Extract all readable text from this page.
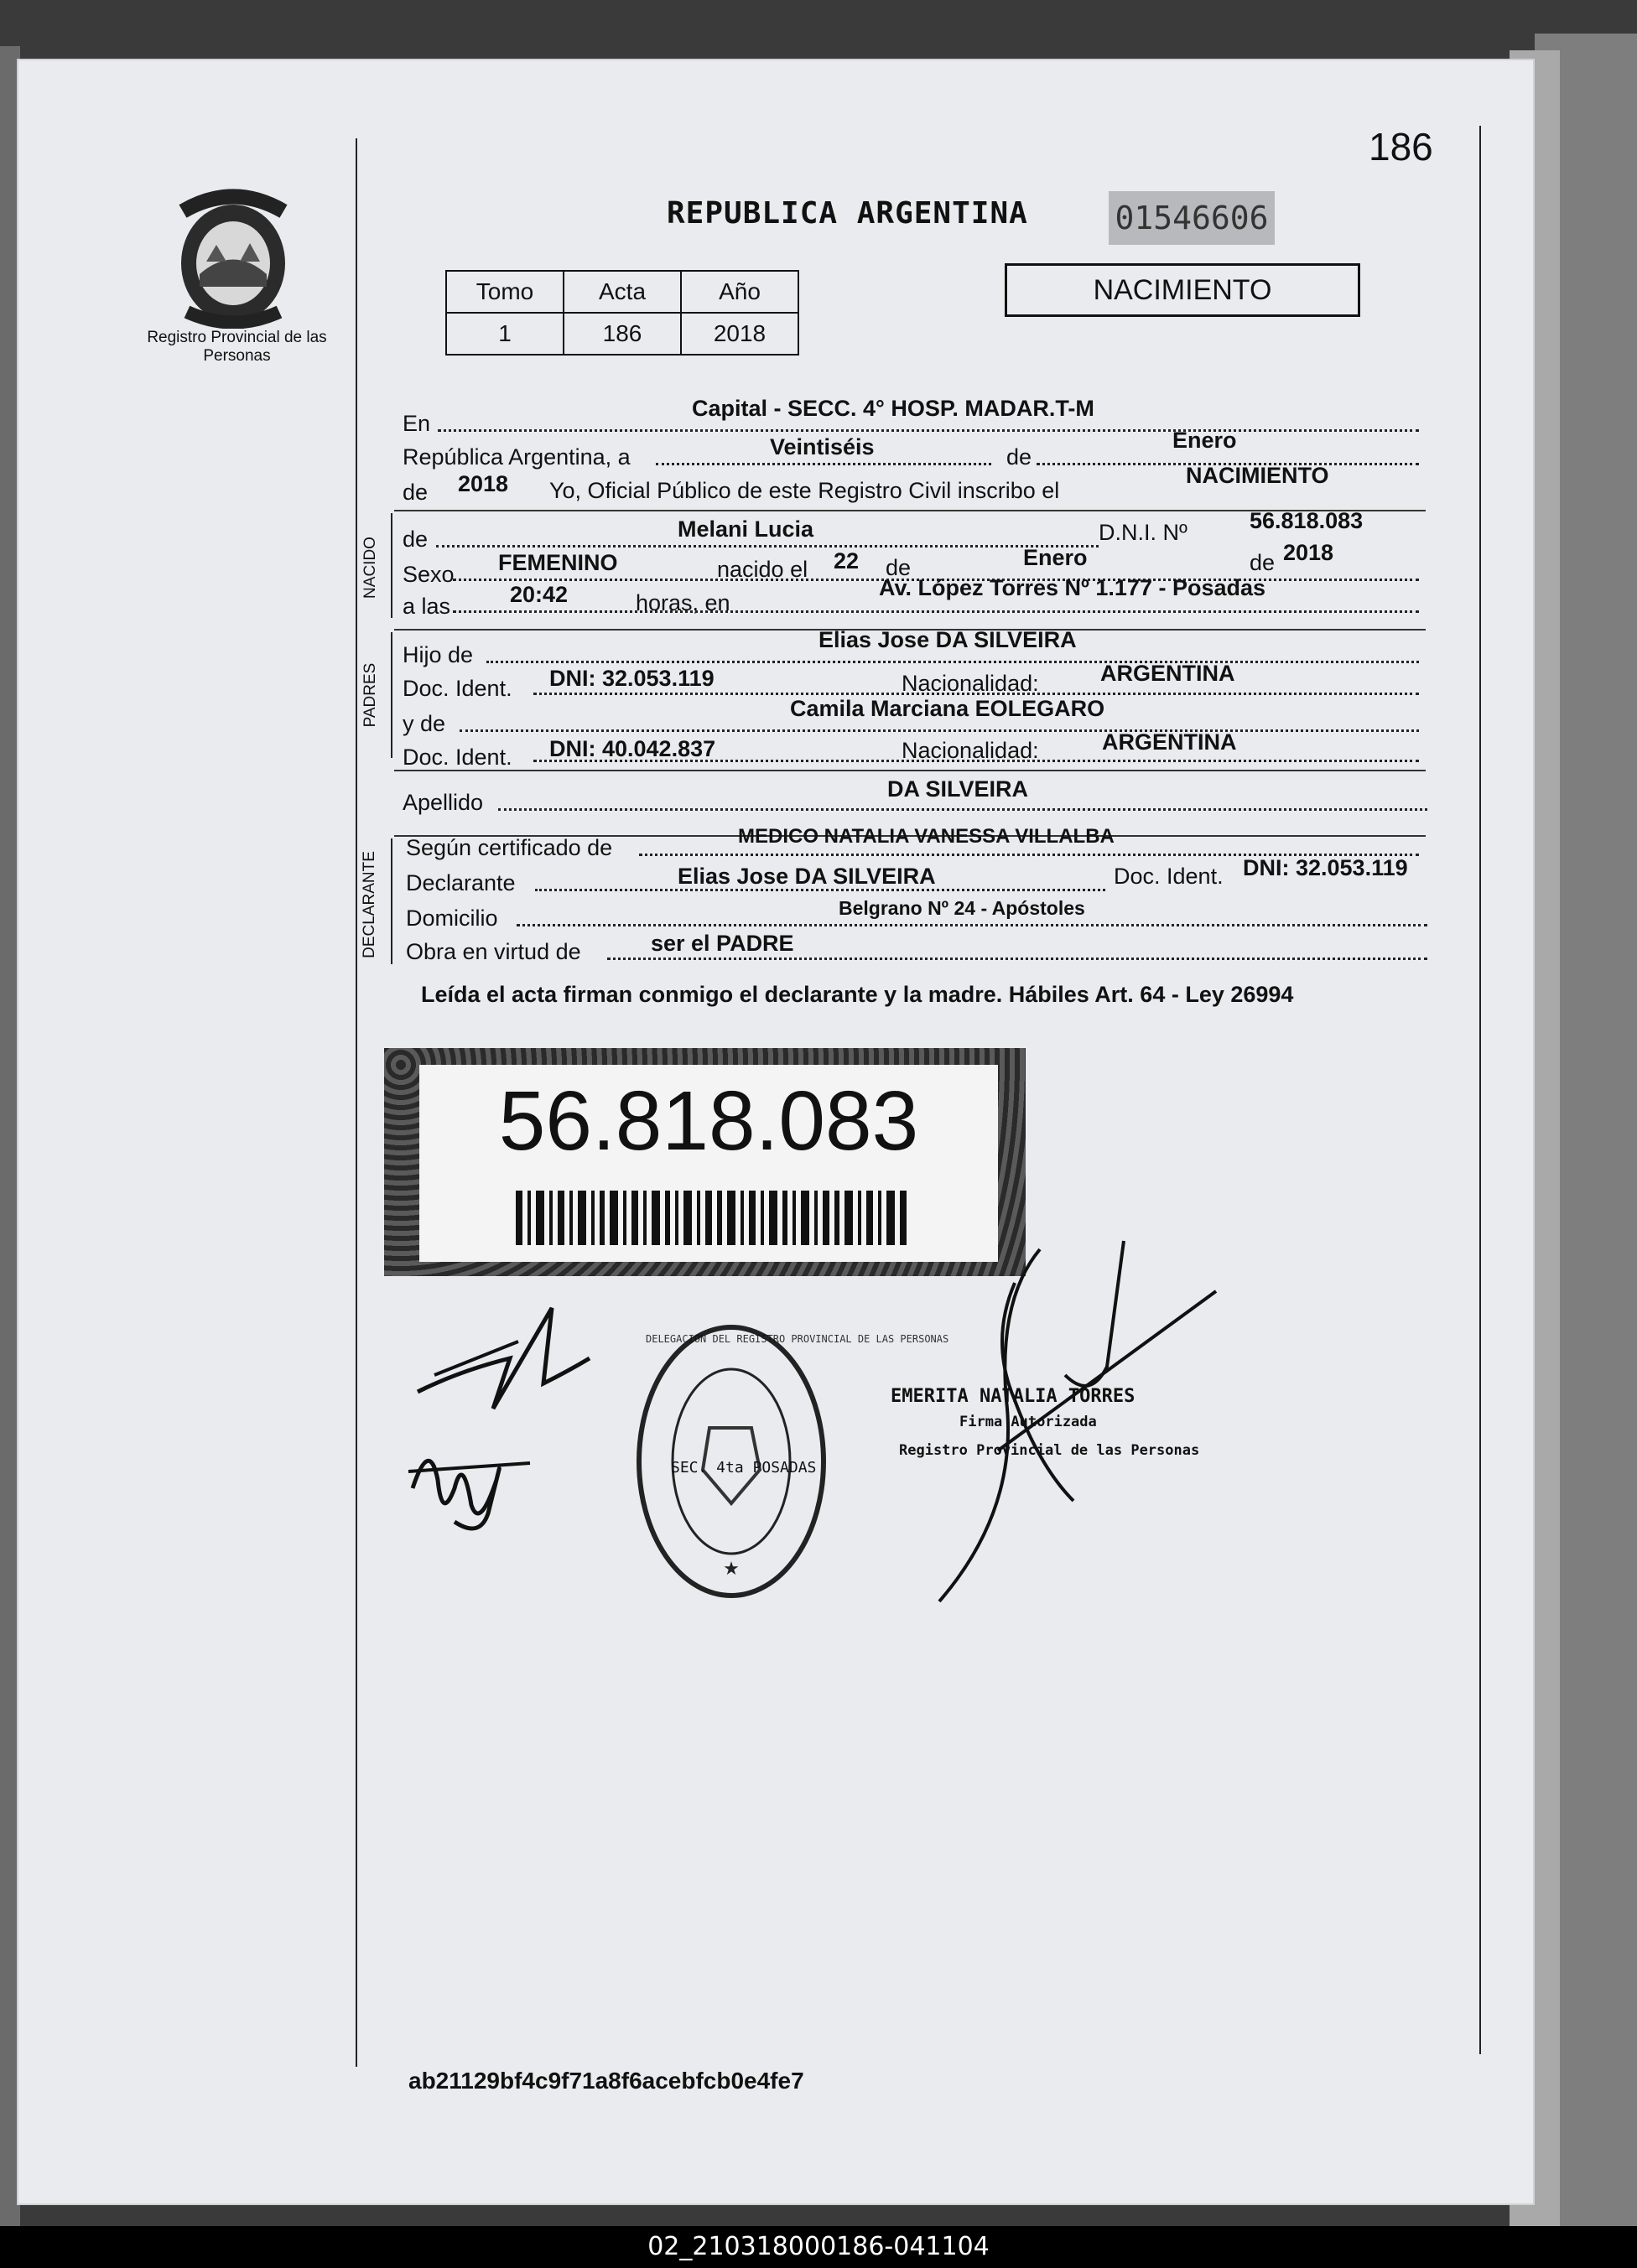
186
Registro Provincial de las Personas
REPUBLICA ARGENTINA	01546606
Tomo	Acta	Año
1	186	2018
NACIMIENTO
En
Capital - SECC. 4° HOSP. MADAR.T-M
República Argentina, a	Veintiséis	de
Enero
de 2018 Yo, Oficial Público de este Registro Civil inscribo el
NACIMIENTO
NACIDO de	Melani Lucia	D.N.I. Nº	56.818.083
Sexo FEMENINO	nacido el 22 de	Enero	de 2018
a las	20:42	horas, en
Av. López Torres Nº 1.177 - Posadas
PADRES
Hijo de
Elias Jose DA SILVEIRA
Doc. Ident. DNI: 32.053.119	Nacionalidad:	ARGENTINA
y de
Camila Marciana EOLEGARO
Doc. Ident. DNI: 40.042.837	Nacionalidad:	ARGENTINA
Apellido
DA SILVEIRA
DECLARANTE
Según certificado de	MEDICO NATALIA VANESSA VILLALBA
Declarante	Elias Jose DA SILVEIRA	Doc. Ident. DNI: 32.053.119
Domicilio	Belgrano Nº 24 - Apóstoles
Obra en virtud de	ser el PADRE
Leída el acta firman conmigo el declarante y la madre. Hábiles Art. 64 - Ley 26994
56.818.083
★
DELEGACION DEL REGISTRO PROVINCIAL DE LAS PERSONAS
SEC. 4ta POSADAS
EMERITA NATALIA TORRES
Firma Autorizada
Registro Provincial de las Personas
ab21129bf4c9f71a8f6acebfcb0e4fe7
02_210318000186-041104
